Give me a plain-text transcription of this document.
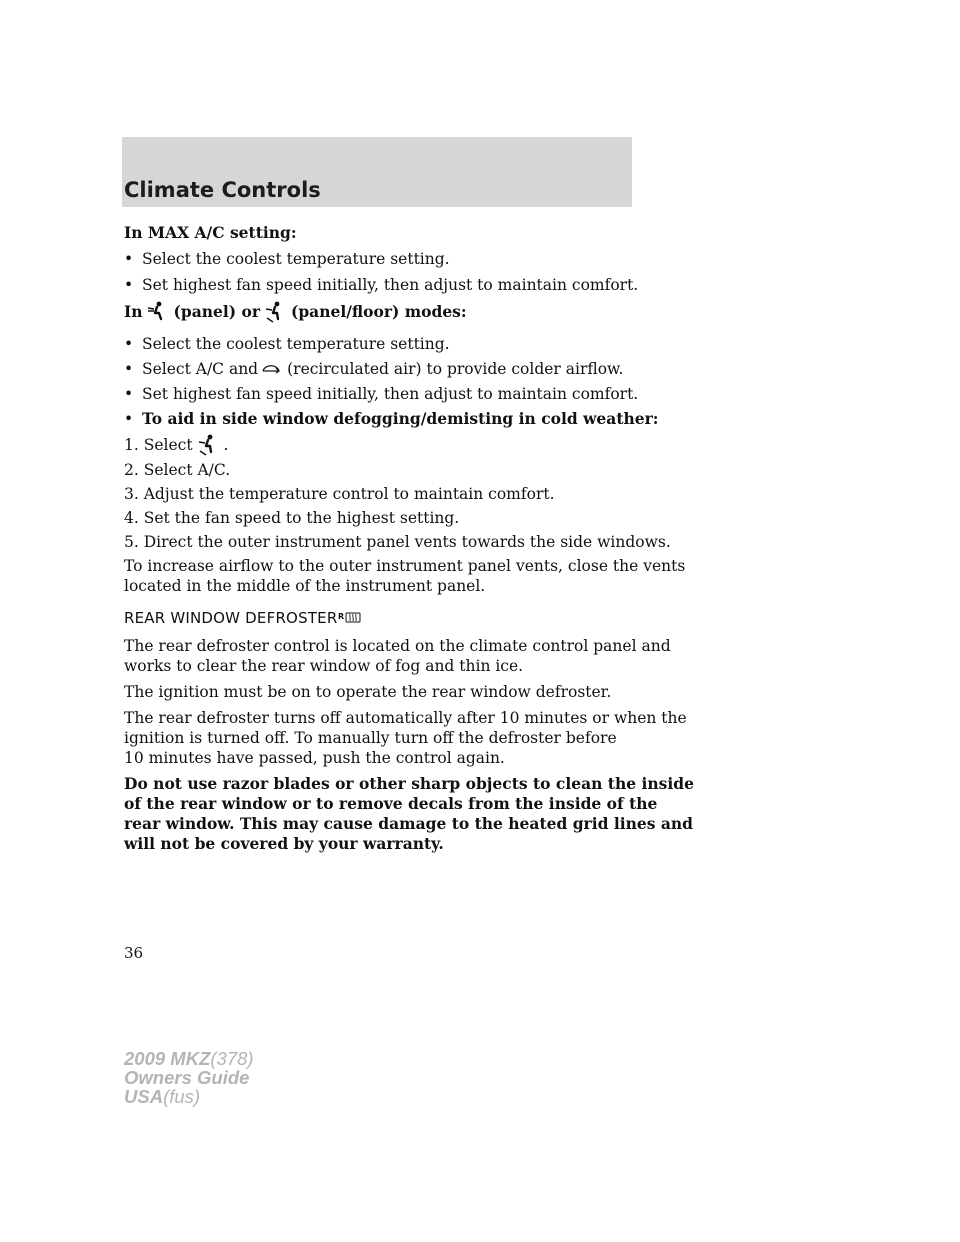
Climate Controls
In MAX A/C setting:
• Select the coolest temperature setting.
• Set highest fan speed initially, then adjust to maintain comfort.
In (panel) or (panel/floor) modes:
• Select the coolest temperature setting.
• Select A/C and (recirculated air) to provide colder airflow.
• Set highest fan speed initially, then adjust to maintain comfort.
• To aid in side window defogging/demisting in cold weather:
1. Select .
2. Select A/C.
3. Adjust the temperature control to maintain comfort.
4. Set the fan speed to the highest setting.
5. Direct the outer instrument panel vents towards the side windows.
To increase airflow to the outer instrument panel vents, close the vents
located in the middle of the instrument panel.
REAR WINDOW DEFROSTER R
The rear defroster control is located on the climate control panel and
works to clear the rear window of fog and thin ice.
The ignition must be on to operate the rear window defroster.
The rear defroster turns off automatically after 10 minutes or when the
ignition is turned off. To manually turn off the defroster before
10 minutes have passed, push the control again.
Do not use razor blades or other sharp objects to clean the inside
of the rear window or to remove decals from the inside of the
rear window. This may cause damage to the heated grid lines and
will not be covered by your warranty.
36
2009 MKZ(378)
Owners Guide
USA(fus)
